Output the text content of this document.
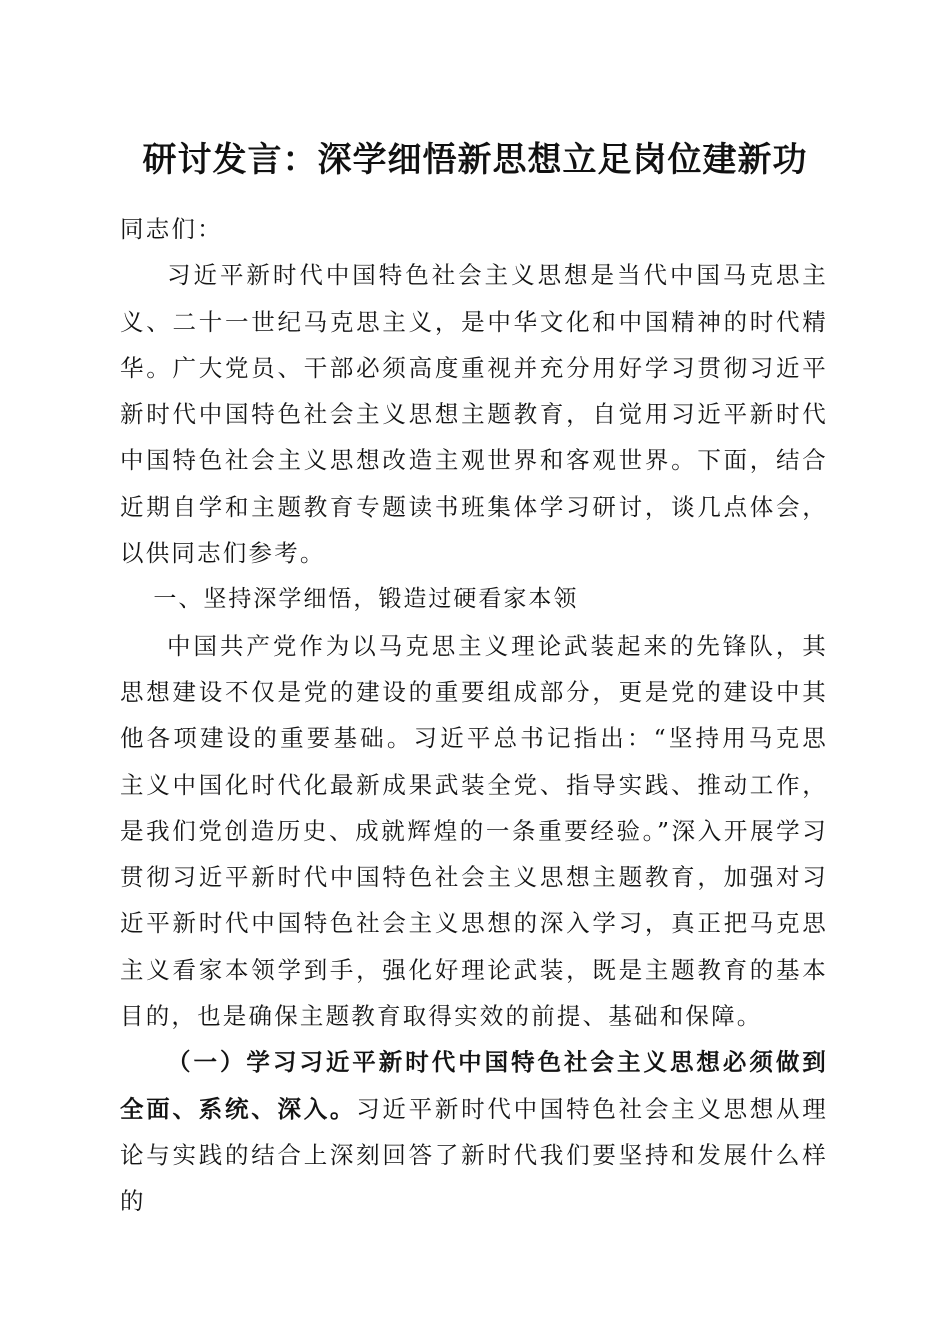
研讨发言：深学细悟新思想立足岗位建新功

同志们：

习近平新时代中国特色社会主义思想是当代中国马克思主义、二十一世纪马克思主义，是中华文化和中国精神的时代精华。广大党员、干部必须高度重视并充分用好学习贯彻习近平新时代中国特色社会主义思想主题教育，自觉用习近平新时代中国特色社会主义思想改造主观世界和客观世界。下面，结合近期自学和主题教育专题读书班集体学习研讨，谈几点体会，以供同志们参考。

一、坚持深学细悟，锻造过硬看家本领

中国共产党作为以马克思主义理论武装起来的先锋队，其思想建设不仅是党的建设的重要组成部分，更是党的建设中其他各项建设的重要基础。习近平总书记指出：“坚持用马克思主义中国化时代化最新成果武装全党、指导实践、推动工作，是我们党创造历史、成就辉煌的一条重要经验。”深入开展学习贯彻习近平新时代中国特色社会主义思想主题教育，加强对习近平新时代中国特色社会主义思想的深入学习，真正把马克思主义看家本领学到手，强化好理论武装，既是主题教育的基本目的，也是确保主题教育取得实效的前提、基础和保障。

（一）学习习近平新时代中国特色社会主义思想必须做到全面、系统、深入。习近平新时代中国特色社会主义思想从理论与实践的结合上深刻回答了新时代我们要坚持和发展什么样的
